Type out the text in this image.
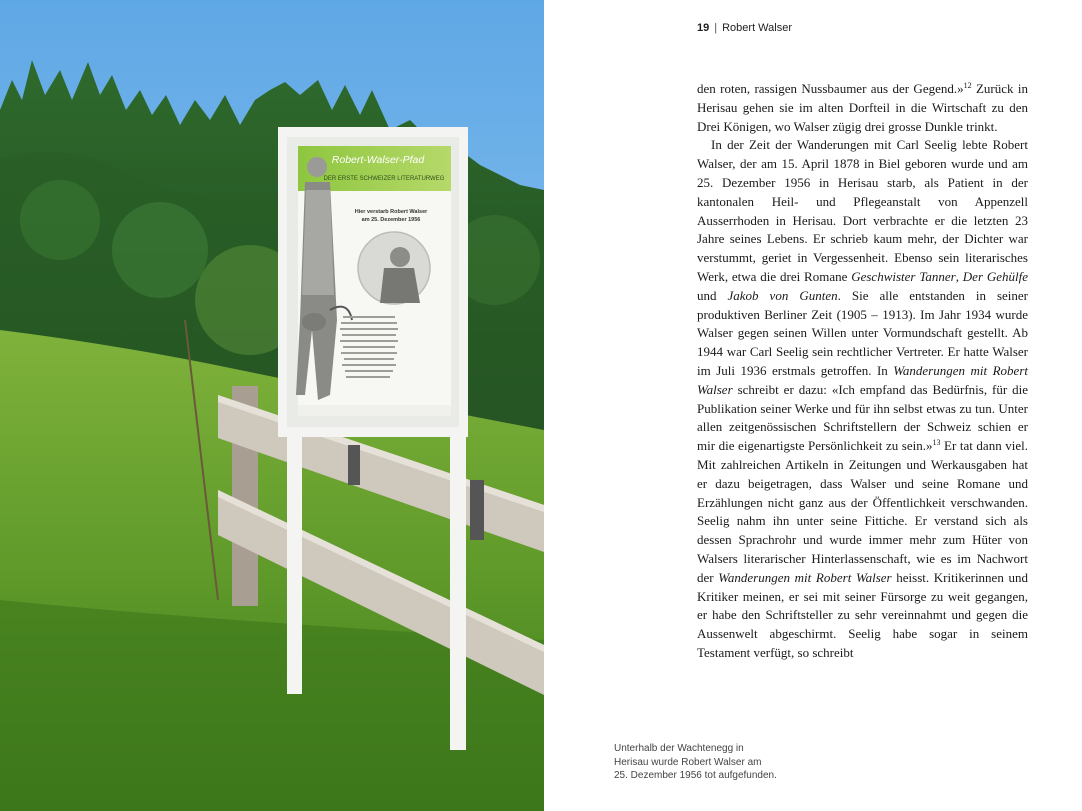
Robert-Walser-Pfad
DER ERSTE SCHWEIZER LITERATURWEG
Hier verstarb Robert Walser
am 25. Dezember 1956
19 | Robert Walser

den roten, rassigen Nussbaumer aus der Gegend.»$^{12}$ Zurück in Herisau gehen sie im alten Dorfteil in die Wirtschaft zu den Drei Königen, wo Walser zügig drei grosse Dunkle trinkt.

In der Zeit der Wanderungen mit Carl Seelig lebte Robert Walser, der am 15. April 1878 in Biel geboren wurde und am 25. Dezember 1956 in Herisau starb, als Patient in der kantonalen Heil- und Pflegeanstalt von Appenzell Ausserrhoden in Herisau. Dort verbrachte er die letzten 23 Jahre seines Lebens. Er schrieb kaum mehr, der Dichter war verstummt, geriet in Vergessenheit. Ebenso sein literarisches Werk, etwa die drei Romane Geschwister Tanner, Der Gehülfe und Jakob von Gunten. Sie alle entstanden in seiner produktiven Berliner Zeit (1905 – 1913). Im Jahr 1934 wurde Walser gegen seinen Willen unter Vormundschaft gestellt. Ab 1944 war Carl Seelig sein rechtlicher Vertreter. Er hatte Walser im Juli 1936 erstmals getroffen. In Wanderungen mit Robert Walser schreibt er dazu: «Ich empfand das Bedürfnis, für die Publikation seiner Werke und für ihn selbst etwas zu tun. Unter allen zeitgenössischen Schriftstellern der Schweiz schien er mir die eigenartigste Persönlichkeit zu sein.»$^{13}$ Er tat dann viel. Mit zahlreichen Artikeln in Zeitungen und Werkausgaben hat er dazu beigetragen, dass Walser und seine Romane und Erzählungen nicht ganz aus der Öffentlichkeit verschwanden. Seelig nahm ihn unter seine Fittiche. Er verstand sich als dessen Sprachrohr und wurde immer mehr zum Hüter von Walsers literarischer Hinterlassenschaft, wie es im Nachwort der Wanderungen mit Robert Walser heisst. Kritikerinnen und Kritiker meinen, er sei mit seiner Fürsorge zu weit gegangen, er habe den Schriftsteller zu sehr vereinnahmt und gegen die Aussenwelt abgeschirmt. Seelig habe sogar in seinem Testament verfügt, so schreibt

Unterhalb der Wachtenegg in
Herisau wurde Robert Walser am
25. Dezember 1956 tot aufgefunden.
